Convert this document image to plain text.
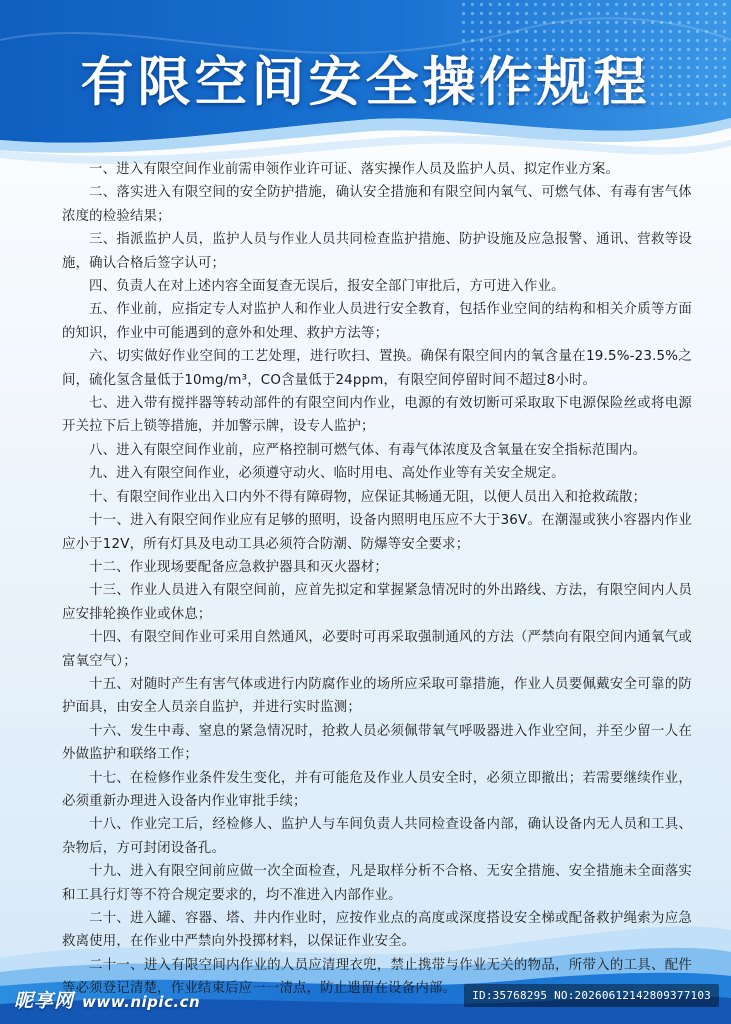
有限空间安全操作规程

一、进入有限空间作业前需申领作业许可证、落实操作人员及监护人员、拟定作业方案。

二、落实进入有限空间的安全防护措施，确认安全措施和有限空间内氧气、可燃气体、有毒有害气体浓度的检验结果；

三、指派监护人员，监护人员与作业人员共同检查监护措施、防护设施及应急报警、通讯、营救等设施，确认合格后签字认可；

四、负责人在对上述内容全面复查无误后，报安全部门审批后，方可进入作业。

五、作业前，应指定专人对监护人和作业人员进行安全教育，包括作业空间的结构和相关介质等方面的知识，作业中可能遇到的意外和处理、救护方法等；

六、切实做好作业空间的工艺处理，进行吹扫、置换。确保有限空间内的氧含量在19.5%-23.5%之间，硫化氢含量低于10mg/m³，CO含量低于24ppm，有限空间停留时间不超过8小时。

七、进入带有搅拌器等转动部件的有限空间内作业，电源的有效切断可采取取下电源保险丝或将电源开关拉下后上锁等措施，并加警示牌，设专人监护；

八、进入有限空间作业前，应严格控制可燃气体、有毒气体浓度及含氧量在安全指标范围内。

九、进入有限空间作业，必须遵守动火、临时用电、高处作业等有关安全规定。

十、有限空间作业出入口内外不得有障碍物，应保证其畅通无阻，以便人员出入和抢救疏散；

十一、进入有限空间作业应有足够的照明，设备内照明电压应不大于36V。在潮湿或狭小容器内作业应小于12V，所有灯具及电动工具必须符合防潮、防爆等安全要求；

十二、作业现场要配备应急救护器具和灭火器材；

十三、作业人员进入有限空间前，应首先拟定和掌握紧急情况时的外出路线、方法，有限空间内人员应安排轮换作业或休息；

十四、有限空间作业可采用自然通风，必要时可再采取强制通风的方法（严禁向有限空间内通氧气或富氧空气）；

十五、对随时产生有害气体或进行内防腐作业的场所应采取可靠措施，作业人员要佩戴安全可靠的防护面具，由安全人员亲自监护，并进行实时监测；

十六、发生中毒、窒息的紧急情况时，抢救人员必须佩带氧气呼吸器进入作业空间，并至少留一人在外做监护和联络工作；

十七、在检修作业条件发生变化，并有可能危及作业人员安全时，必须立即撤出；若需要继续作业，必须重新办理进入设备内作业审批手续；

十八、作业完工后，经检修人、监护人与车间负责人共同检查设备内部，确认设备内无人员和工具、杂物后，方可封闭设备孔。

十九、进入有限空间前应做一次全面检查，凡是取样分析不合格、无安全措施、安全措施未全面落实和工具行灯等不符合规定要求的，均不准进入内部作业。

二十、进入罐、容器、塔、井内作业时，应按作业点的高度或深度搭设安全梯或配备救护绳索为应急救离使用，在作业中严禁向外投掷材料，以保证作业安全。

二十一、进入有限空间内作业的人员应清理衣兜，禁止携带与作业无关的物品，所带入的工具、配件等必须登记清楚，作业结束后应一一清点，防止遗留在设备内部。

昵享网 www.nipic.cn	ID:35768295 NO:20260612142809377103
